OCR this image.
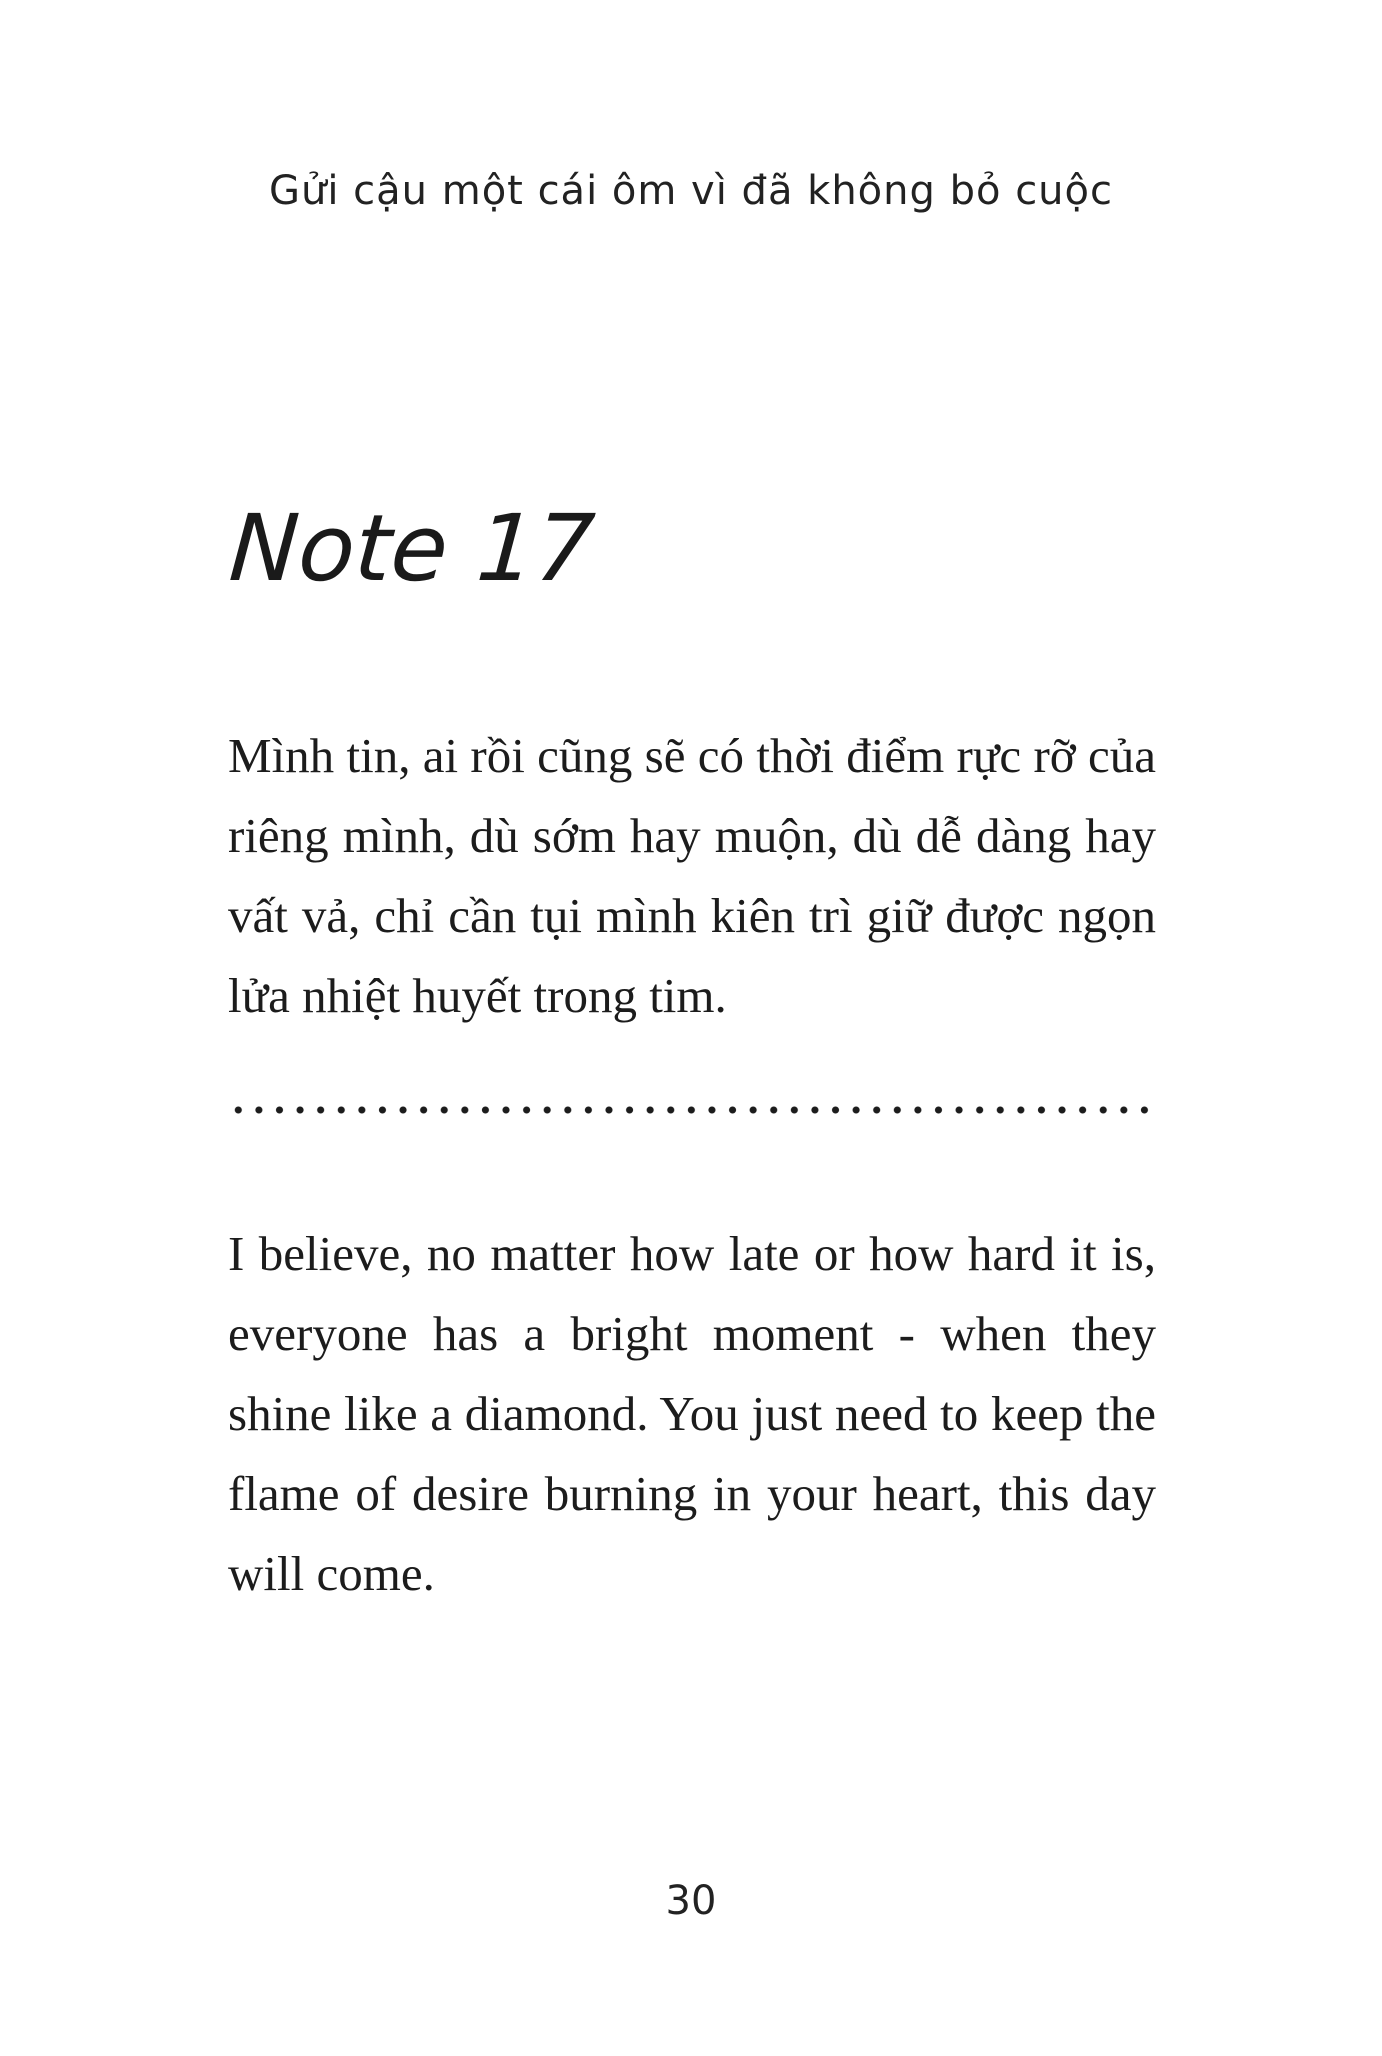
Gửi cậu một cái ôm vì đã không bỏ cuộc
Note 17
Mình tin, ai rồi cũng sẽ có thời điểm rực rỡ của riêng mình, dù sớm hay muộn, dù dễ dàng hay vất vả, chỉ cần tụi mình kiên trì giữ được ngọn lửa nhiệt huyết trong tim.
I believe, no matter how late or how hard it is, everyone has a bright moment - when they shine like a diamond. You just need to keep the flame of desire burning in your heart, this day will come.
30
